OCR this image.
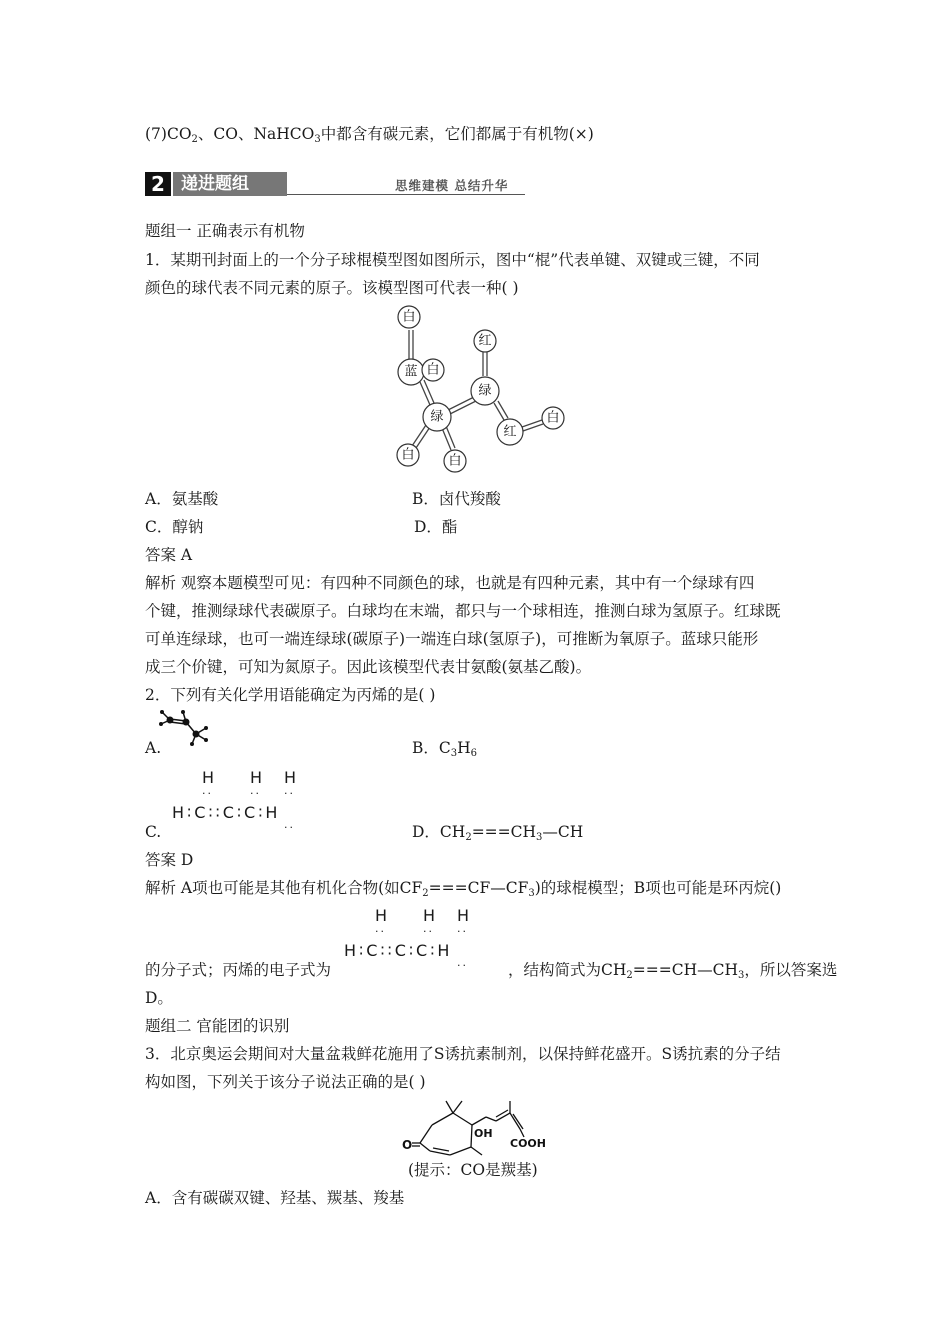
$(7)CO_2$、CO、NaHCO$_3$中都含有碳元素，它们都属于有机物(×)
2 递进题组	思维建模 总结升华
题组一 正确表示有机物
1．某期刊封面上的一个分子球棍模型图如图所示，图中“棍”代表单键、双键或三键，不同
颜色的球代表不同元素的原子。该模型图可代表一种( )
白
蓝 白
红
绿
绿
红
白
白	白
A．氨基酸	B．卤代羧酸
C．醇钠	D．酯
答案 A
解析 观察本题模型可见：有四种不同颜色的球，也就是有四种元素，其中有一个绿球有四
个键，推测绿球代表碳原子。白球均在末端，都只与一个球相连，推测白球为氢原子。红球既
可单连绿球，也可一端连绿球(碳原子)一端连白球(氢原子)，可推断为氧原子。蓝球只能形
成三个价键，可知为氮原子。因此该模型代表甘氨酸(氨基乙酸)。
2．下列有关化学用语能确定为丙烯的是( )
A.	B．$C_3H_6$
H H H
··	·· ··
H∶C∶∶C∶C∶H
··
C.	D．$CH_2===CH_3—CH$
答案 D
解析 A项也可能是其他有机化合物(如$CF_2===CF—CF_3$)的球棍模型；B项也可能是环丙烷()
H H H
··	·· ··
H∶C∶∶C∶C∶H
··
的分子式；丙烯的电子式为	，结构简式为$CH_2===CH—CH_3$，所以答案选
D。
题组二 官能团的识别
3．北京奥运会期间对大量盆栽鲜花施用了S诱抗素制剂，以保持鲜花盛开。S诱抗素的分子结
构如图，下列关于该分子说法正确的是( )
O
OH
COOH
(提示：CO是羰基)
A．含有碳碳双键、羟基、羰基、羧基
